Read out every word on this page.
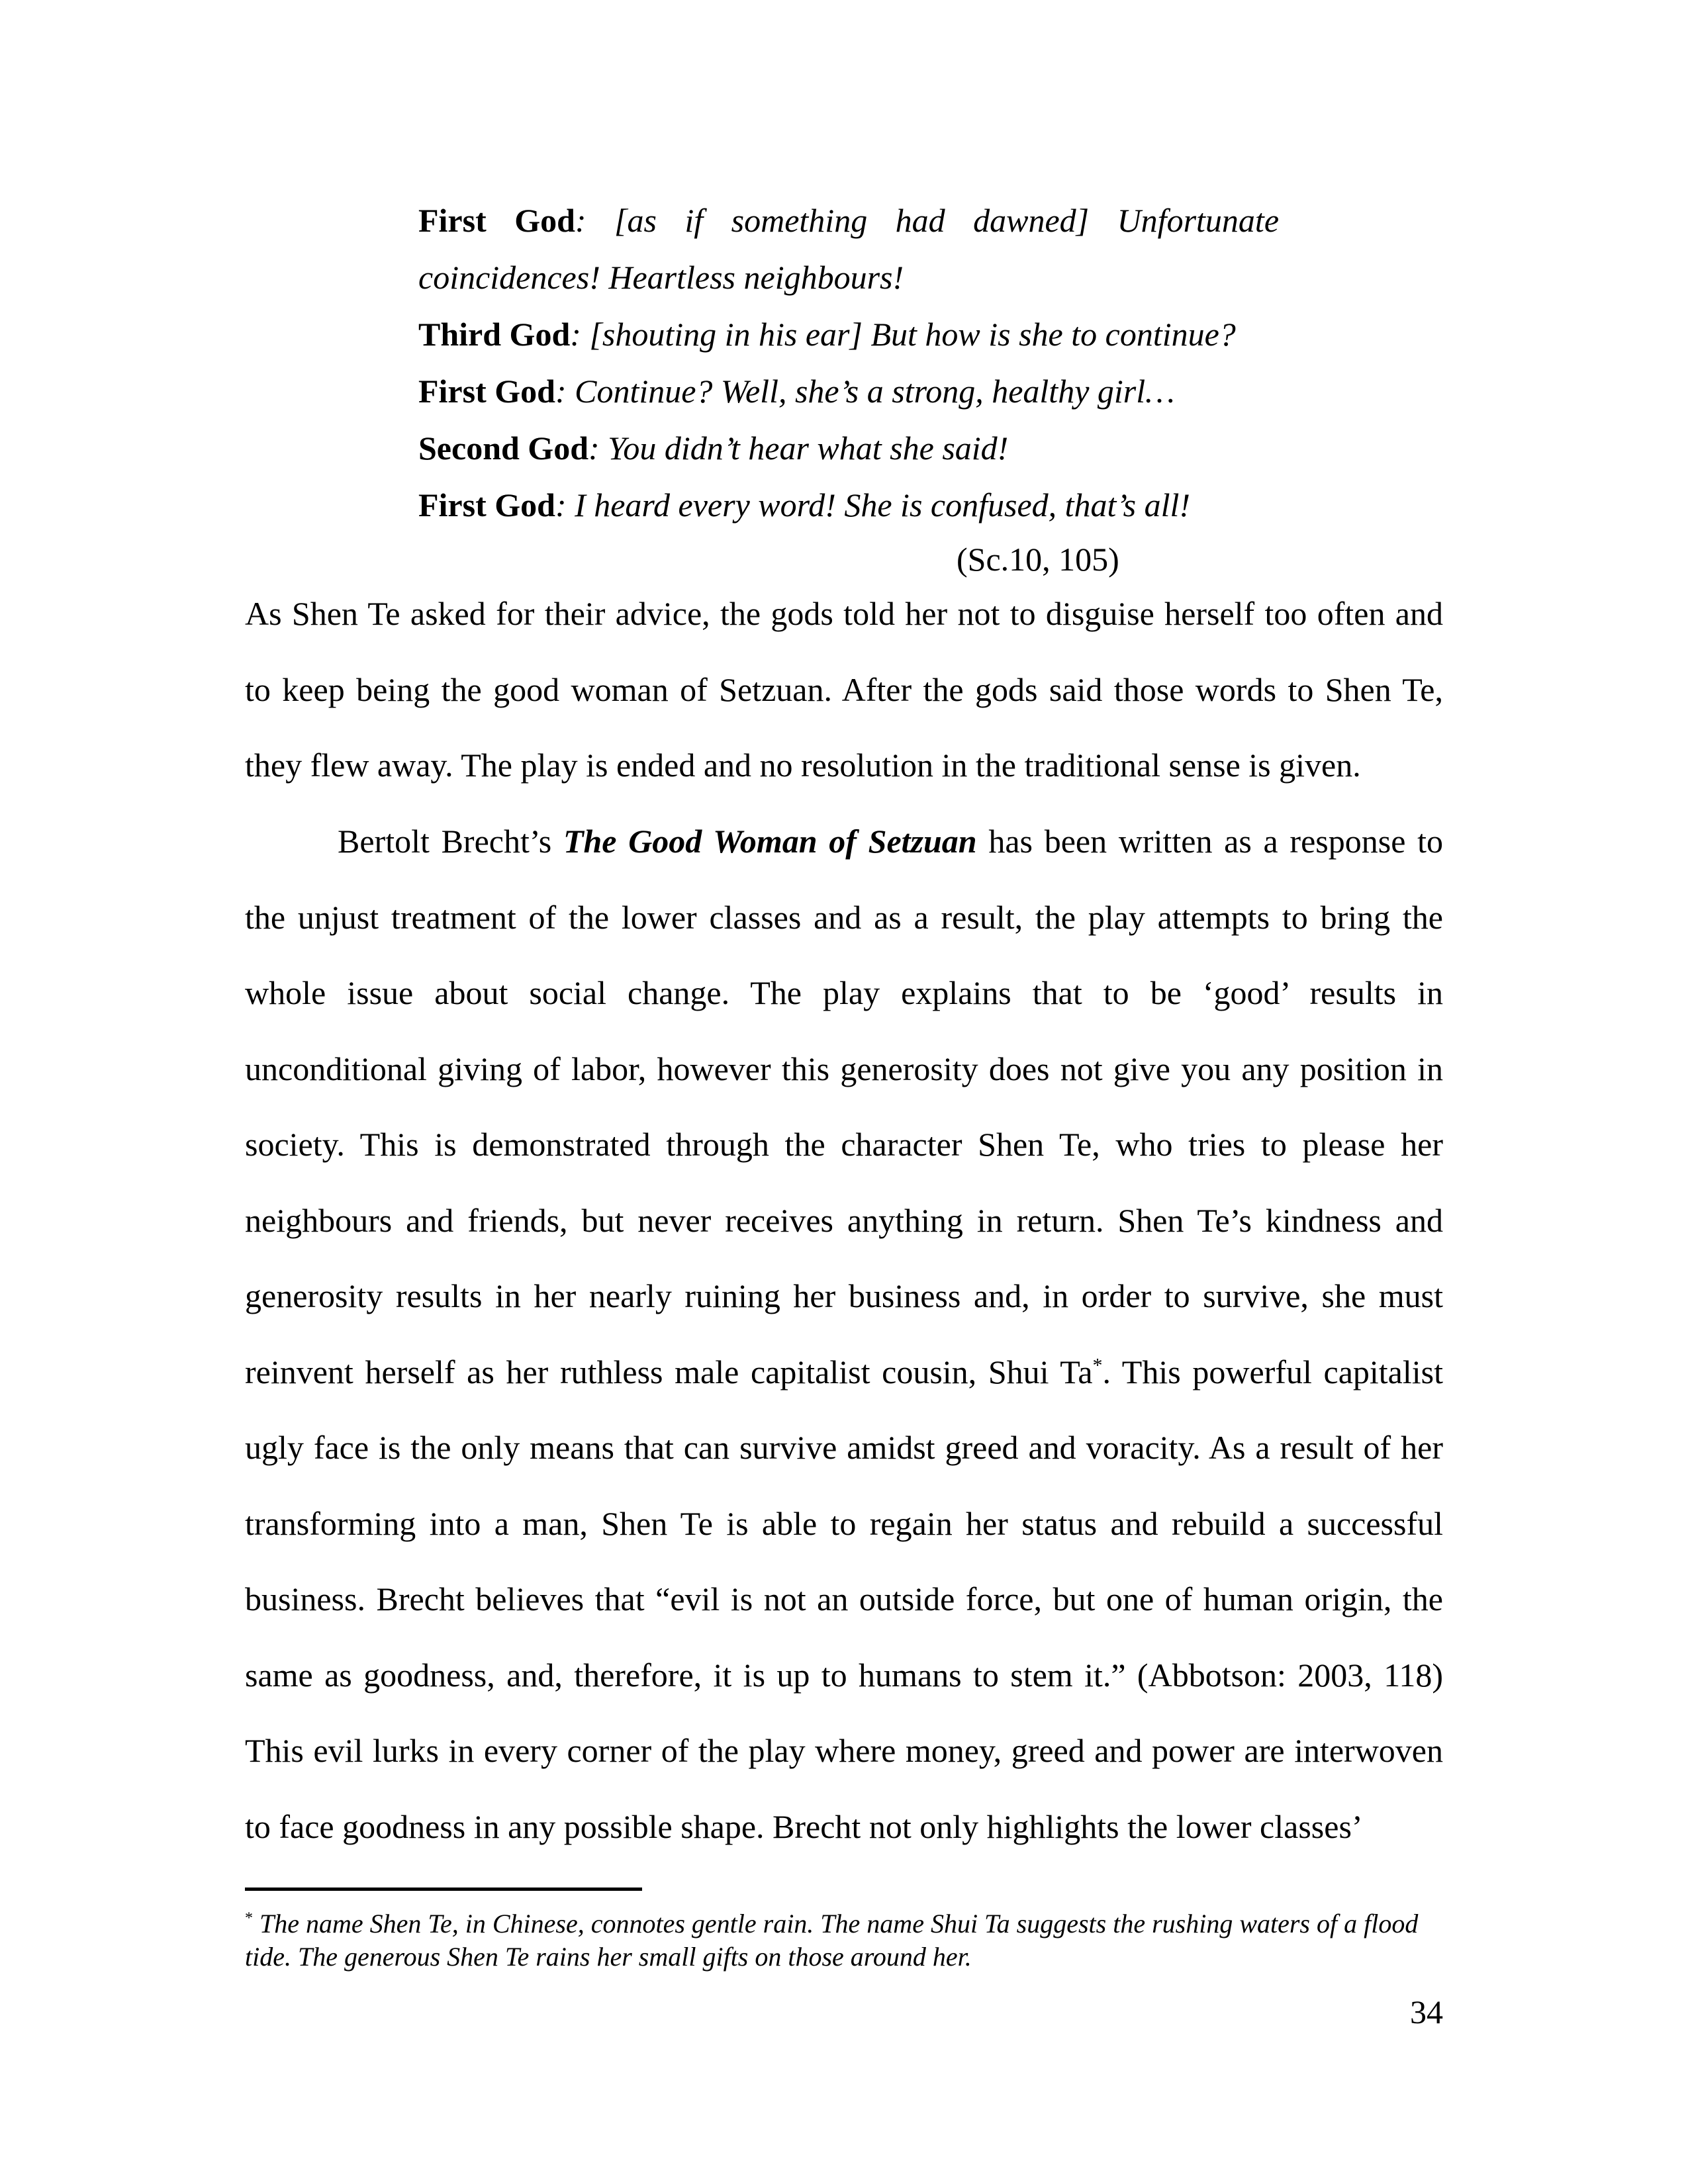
First God: [as if something had dawned] Unfortunate

coincidences! Heartless neighbours!

Third God: [shouting in his ear] But how is she to continue?

First God: Continue? Well, she’s a strong, healthy girl…

Second God: You didn’t hear what she said!

First God: I heard every word! She is confused, that’s all!

(Sc.10, 105)

As Shen Te asked for their advice, the gods told her not to disguise herself too often and to keep being the good woman of Setzuan. After the gods said those words to Shen Te, they flew away. The play is ended and no resolution in the traditional sense is given.

Bertolt Brecht’s The Good Woman of Setzuan has been written as a response to the unjust treatment of the lower classes and as a result, the play attempts to bring the whole issue about social change. The play explains that to be ‘good’ results in unconditional giving of labor, however this generosity does not give you any position in society. This is demonstrated through the character Shen Te, who tries to please her neighbours and friends, but never receives anything in return. Shen Te’s kindness and generosity results in her nearly ruining her business and, in order to survive, she must reinvent herself as her ruthless male capitalist cousin, Shui Ta*. This powerful capitalist ugly face is the only means that can survive amidst greed and voracity. As a result of her transforming into a man, Shen Te is able to regain her status and rebuild a successful business. Brecht believes that “evil is not an outside force, but one of human origin, the same as goodness, and, therefore, it is up to humans to stem it.” (Abbotson: 2003, 118) This evil lurks in every corner of the play where money, greed and power are interwoven to face goodness in any possible shape. Brecht not only highlights the lower classes’

* The name Shen Te, in Chinese, connotes gentle rain. The name Shui Ta suggests the rushing waters of a flood tide. The generous Shen Te rains her small gifts on those around her.

34
